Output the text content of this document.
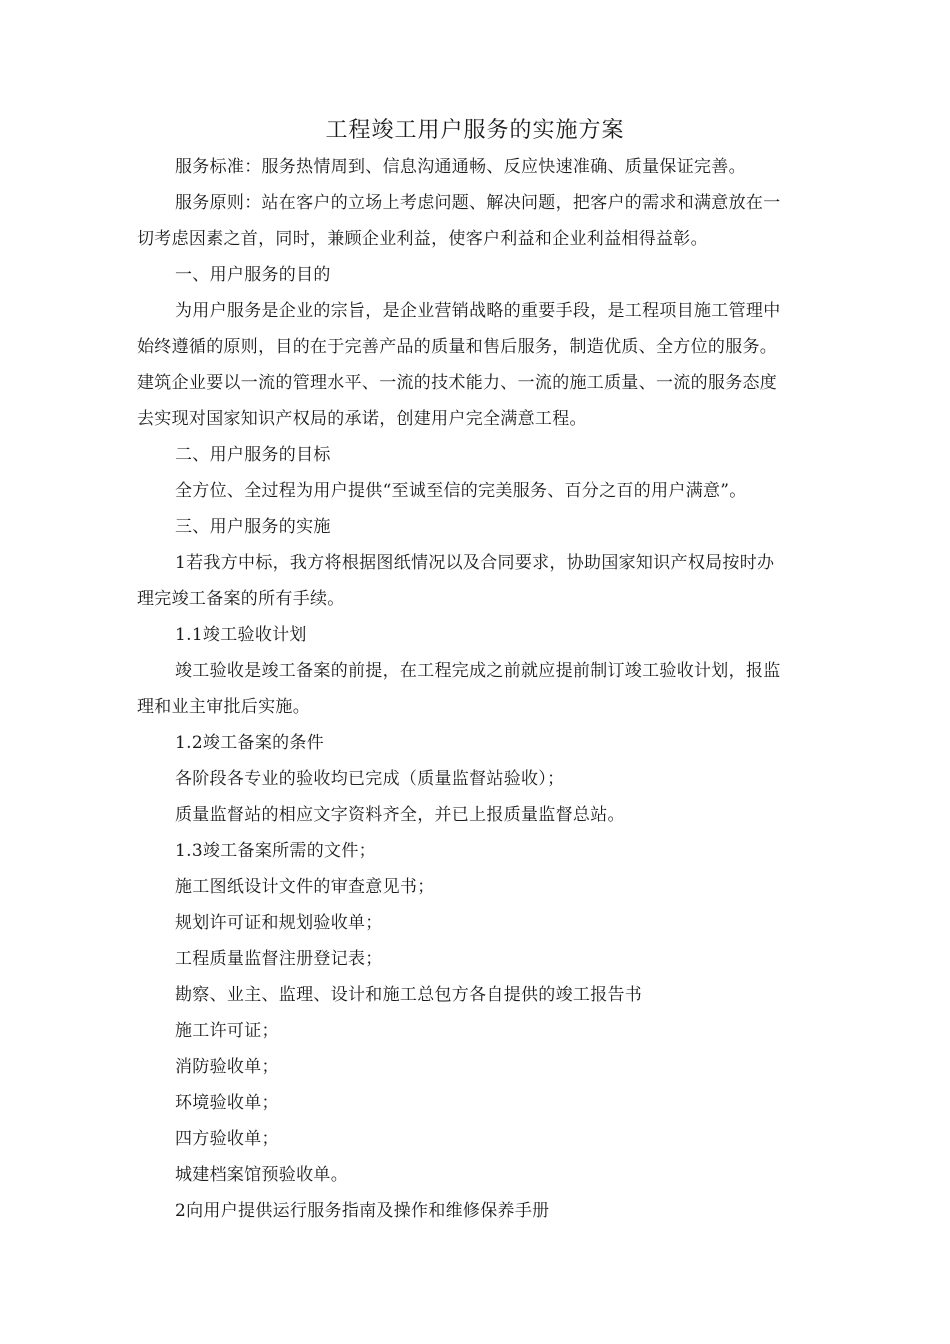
工程竣工用户服务的实施方案
服务标准：服务热情周到、信息沟通通畅、反应快速准确、质量保证完善。
服务原则：站在客户的立场上考虑问题、解决问题，把客户的需求和满意放在一
切考虑因素之首，同时，兼顾企业利益，使客户利益和企业利益相得益彰。
一、用户服务的目的
为用户服务是企业的宗旨，是企业营销战略的重要手段，是工程项目施工管理中
始终遵循的原则，目的在于完善产品的质量和售后服务，制造优质、全方位的服务。
建筑企业要以一流的管理水平、一流的技术能力、一流的施工质量、一流的服务态度
去实现对国家知识产权局的承诺，创建用户完全满意工程。
二、用户服务的目标
全方位、全过程为用户提供“至诚至信的完美服务、百分之百的用户满意”。
三、用户服务的实施
1若我方中标，我方将根据图纸情况以及合同要求，协助国家知识产权局按时办
理完竣工备案的所有手续。
1.1竣工验收计划
竣工验收是竣工备案的前提，在工程完成之前就应提前制订竣工验收计划，报监
理和业主审批后实施。
1.2竣工备案的条件
各阶段各专业的验收均已完成（质量监督站验收）；
质量监督站的相应文字资料齐全，并已上报质量监督总站。
1.3竣工备案所需的文件；
施工图纸设计文件的审查意见书；
规划许可证和规划验收单；
工程质量监督注册登记表；
勘察、业主、监理、设计和施工总包方各自提供的竣工报告书
施工许可证；
消防验收单；
环境验收单；
四方验收单；
城建档案馆预验收单。
2向用户提供运行服务指南及操作和维修保养手册
